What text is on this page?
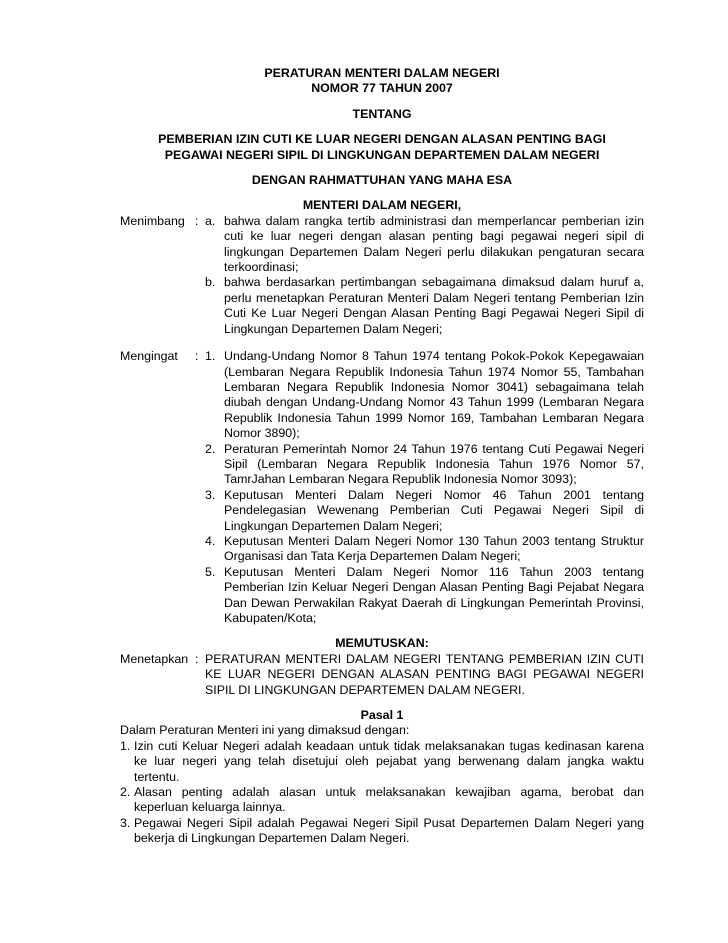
PERATURAN MENTERI DALAM NEGERI
NOMOR 77 TAHUN 2007
TENTANG
PEMBERIAN IZIN CUTI KE LUAR NEGERI DENGAN ALASAN PENTING BAGI PEGAWAI NEGERI SIPIL DI LINGKUNGAN DEPARTEMEN DALAM NEGERI
DENGAN RAHMATTUHAN YANG MAHA ESA
MENTERI DALAM NEGERI,
Menimbang : a. bahwa dalam rangka tertib administrasi dan memperlancar pemberian izin cuti ke luar negeri dengan alasan penting bagi pegawai negeri sipil di lingkungan Departemen Dalam Negeri perlu dilakukan pengaturan secara terkoordinasi;
b. bahwa berdasarkan pertimbangan sebagaimana dimaksud dalam huruf a, perlu menetapkan Peraturan Menteri Dalam Negeri tentang Pemberian Izin Cuti Ke Luar Negeri Dengan Alasan Penting Bagi Pegawai Negeri Sipil di Lingkungan Departemen Dalam Negeri;
Mengingat	: 1. Undang-Undang Nomor 8 Tahun 1974 tentang Pokok-Pokok Kepegawaian (Lembaran Negara Republik Indonesia Tahun 1974 Nomor 55, Tambahan Lembaran Negara Republik Indonesia Nomor 3041) sebagaimana telah diubah dengan Undang-Undang Nomor 43 Tahun 1999 (Lembaran Negara Republik Indonesia Tahun 1999 Nomor 169, Tambahan Lembaran Negara Nomor 3890);
2. Peraturan Pemerintah Nomor 24 Tahun 1976 tentang Cuti Pegawai Negeri Sipil (Lembaran Negara Republik Indonesia Tahun 1976 Nomor 57, TamrJahan Lembaran Negara Republik Indonesia Nomor 3093);
3. Keputusan Menteri Dalam Negeri Nomor 46 Tahun 2001 tentang Pendelegasian Wewenang Pemberian Cuti Pegawai Negeri Sipil di Lingkungan Departemen Dalam Negeri;
4. Keputusan Menteri Dalam Negeri Nomor 130 Tahun 2003 tentang Struktur Organisasi dan Tata Kerja Departemen Dalam Negeri;
5. Keputusan Menteri Dalam Negeri Nomor 116 Tahun 2003 tentang Pemberian Izin Keluar Negeri Dengan Alasan Penting Bagi Pejabat Negara Dan Dewan Perwakilan Rakyat Daerah di Lingkungan Pemerintah Provinsi, Kabupaten/Kota;
MEMUTUSKAN:
Menetapkan : PERATURAN MENTERI DALAM NEGERI TENTANG PEMBERIAN IZIN CUTI KE LUAR NEGERI DENGAN ALASAN PENTING BAGI PEGAWAI NEGERI SIPIL DI LINGKUNGAN DEPARTEMEN DALAM NEGERI.
Pasal 1
Dalam Peraturan Menteri ini yang dimaksud dengan:
1. Izin cuti Keluar Negeri adalah keadaan untuk tidak melaksanakan tugas kedinasan karena ke luar negeri yang telah disetujui oleh pejabat yang berwenang dalam jangka waktu tertentu.
2. Alasan penting adalah alasan untuk melaksanakan kewajiban agama, berobat dan keperluan keluarga lainnya.
3. Pegawai Negeri Sipil adalah Pegawai Negeri Sipil Pusat Departemen Dalam Negeri yang bekerja di Lingkungan Departemen Dalam Negeri.
